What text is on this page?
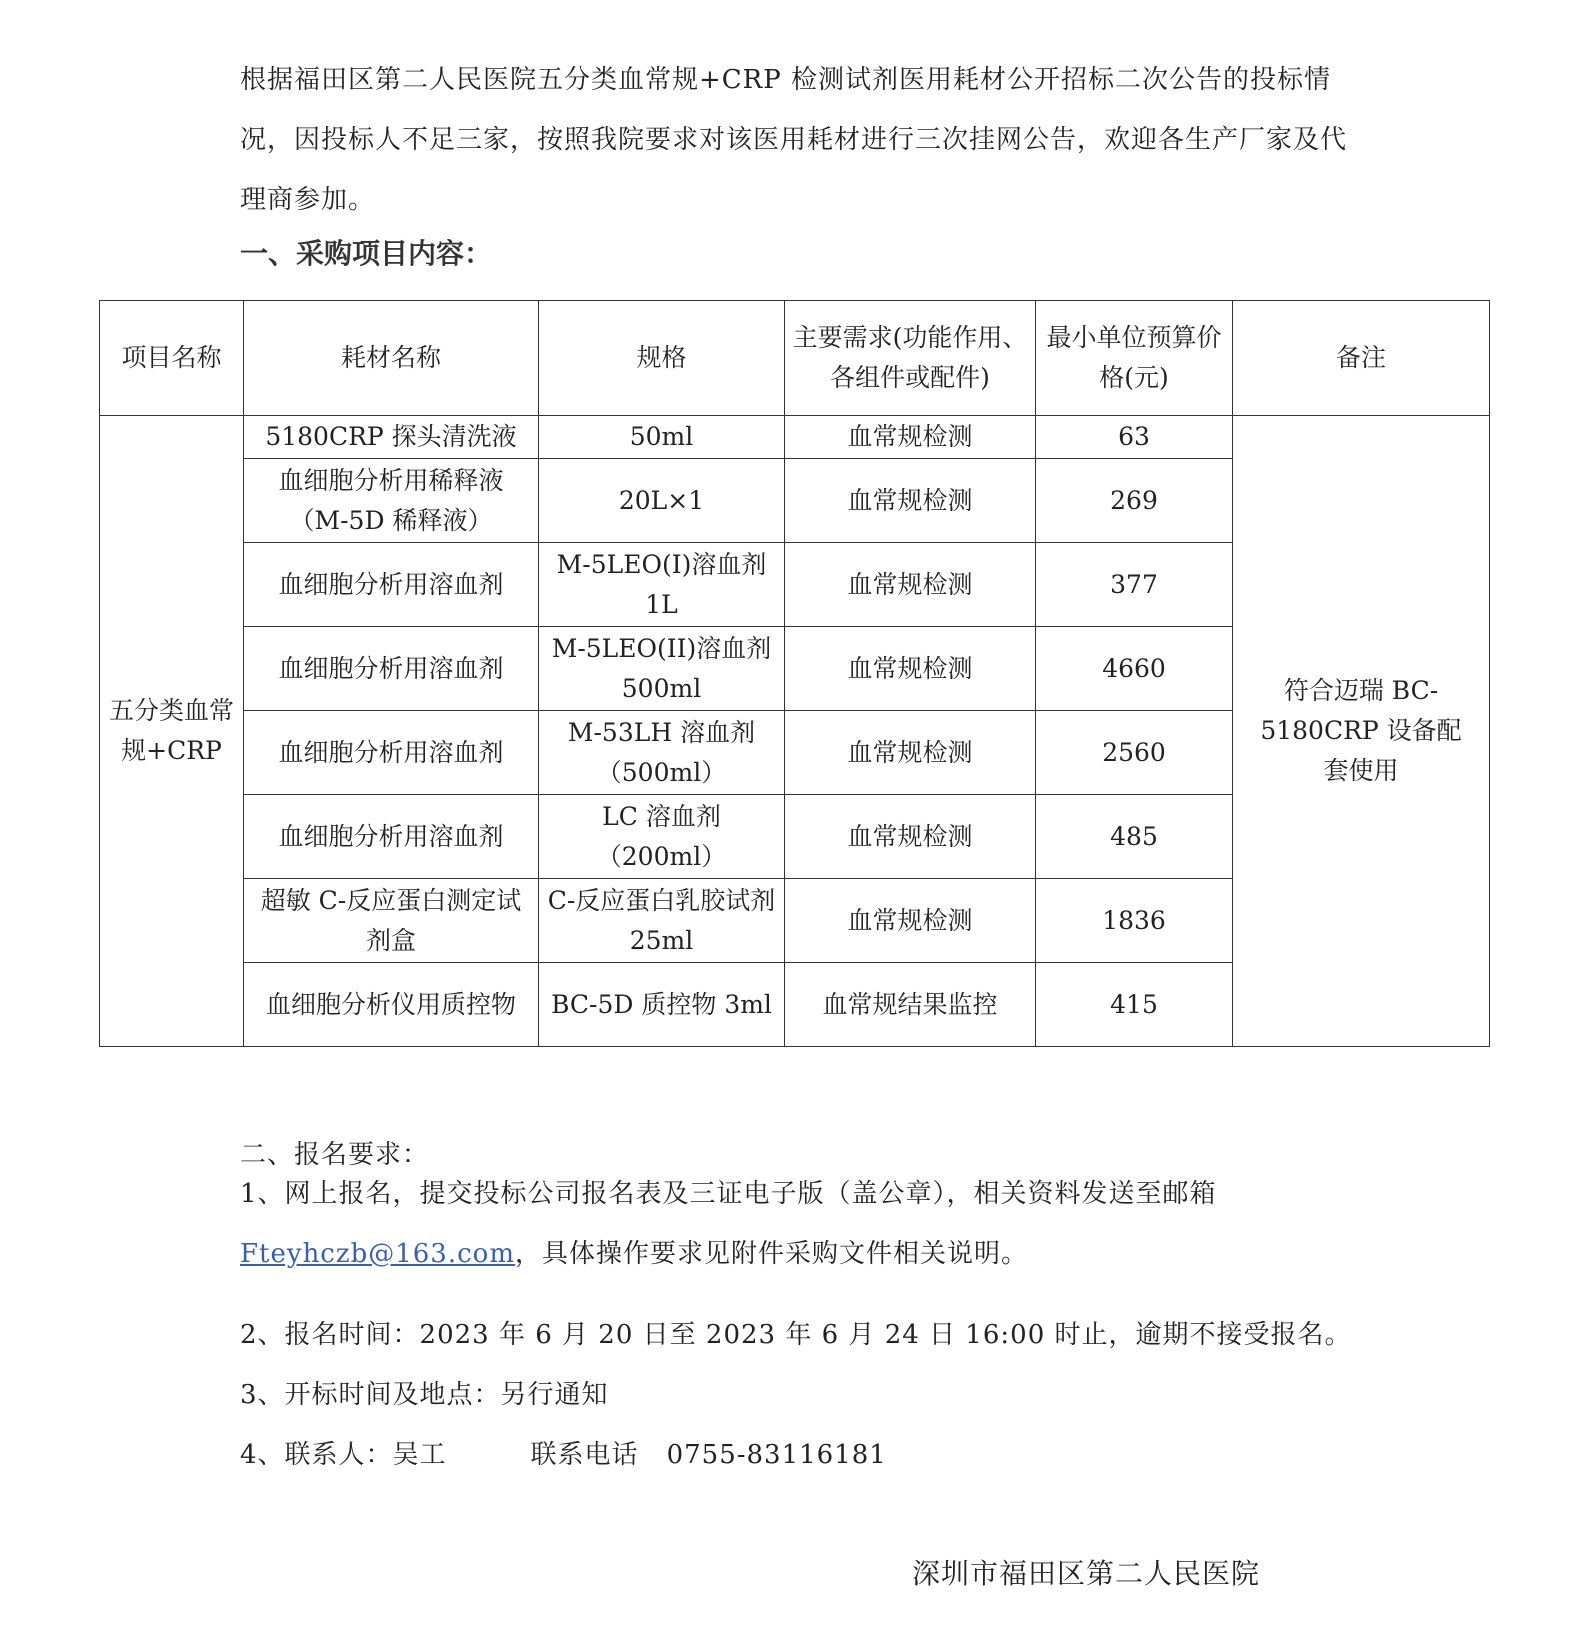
根据福田区第二人民医院五分类血常规+CRP 检测试剂医用耗材公开招标二次公告的投标情况，因投标人不足三家，按照我院要求对该医用耗材进行三次挂网公告，欢迎各生产厂家及代理商参加。
一、采购项目内容：
项目名称	耗材名称	规格	主要需求(功能作用、各组件或配件)	最小单位预算价格(元)	备注
五分类血常规+CRP	5180CRP 探头清洗液	50ml	血常规检测	63	符合迈瑞 BC-5180CRP 设备配套使用
	血细胞分析用稀释液（M-5D 稀释液）	20L×1	血常规检测	269	
	血细胞分析用溶血剂	M-5LEO(I)溶血剂 1L	血常规检测	377	
	血细胞分析用溶血剂	M-5LEO(II)溶血剂 500ml	血常规检测	4660	
	血细胞分析用溶血剂	M-53LH 溶血剂（500ml）	血常规检测	2560	
	血细胞分析用溶血剂	LC 溶血剂（200ml）	血常规检测	485	
	超敏 C-反应蛋白测定试剂盒	C-反应蛋白乳胶试剂 25ml	血常规检测	1836	
	血细胞分析仪用质控物	BC-5D 质控物 3ml	血常规结果监控	415	
二、报名要求：
1、网上报名，提交投标公司报名表及三证电子版（盖公章），相关资料发送至邮箱Fteyhczb@163.com，具体操作要求见附件采购文件相关说明。
2、报名时间：2023 年 6 月 20 日至 2023 年 6 月 24 日 16:00 时止，逾期不接受报名。
3、开标时间及地点：另行通知
4、联系人：吴工	联系电话 0755-83116181
深圳市福田区第二人民医院
